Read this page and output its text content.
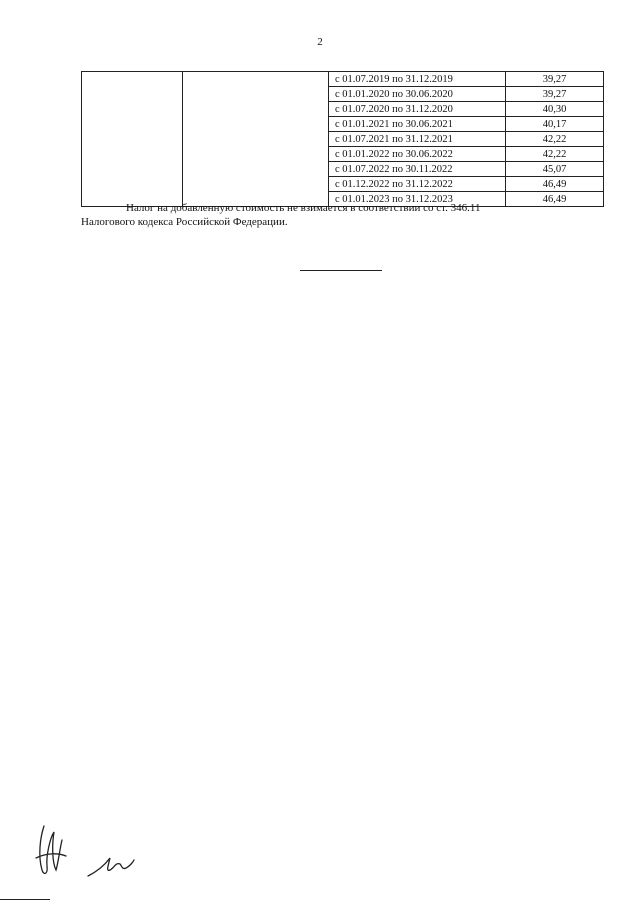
2
		с 01.07.2019 по 31.12.2019	39,27
		с 01.01.2020 по 30.06.2020	39,27
		с 01.07.2020 по 31.12.2020	40,30
		с 01.01.2021 по 30.06.2021	40,17
		с 01.07.2021 по 31.12.2021	42,22
		с 01.01.2022 по 30.06.2022	42,22
		с 01.07.2022 по 30.11.2022	45,07
		с 01.12.2022 по 31.12.2022	46,49
		с 01.01.2023 по 31.12.2023	46,49
Налог на добавленную стоимость не взимается в соответствии со ст. 346.11
Налогового кодекса Российской Федерации.
